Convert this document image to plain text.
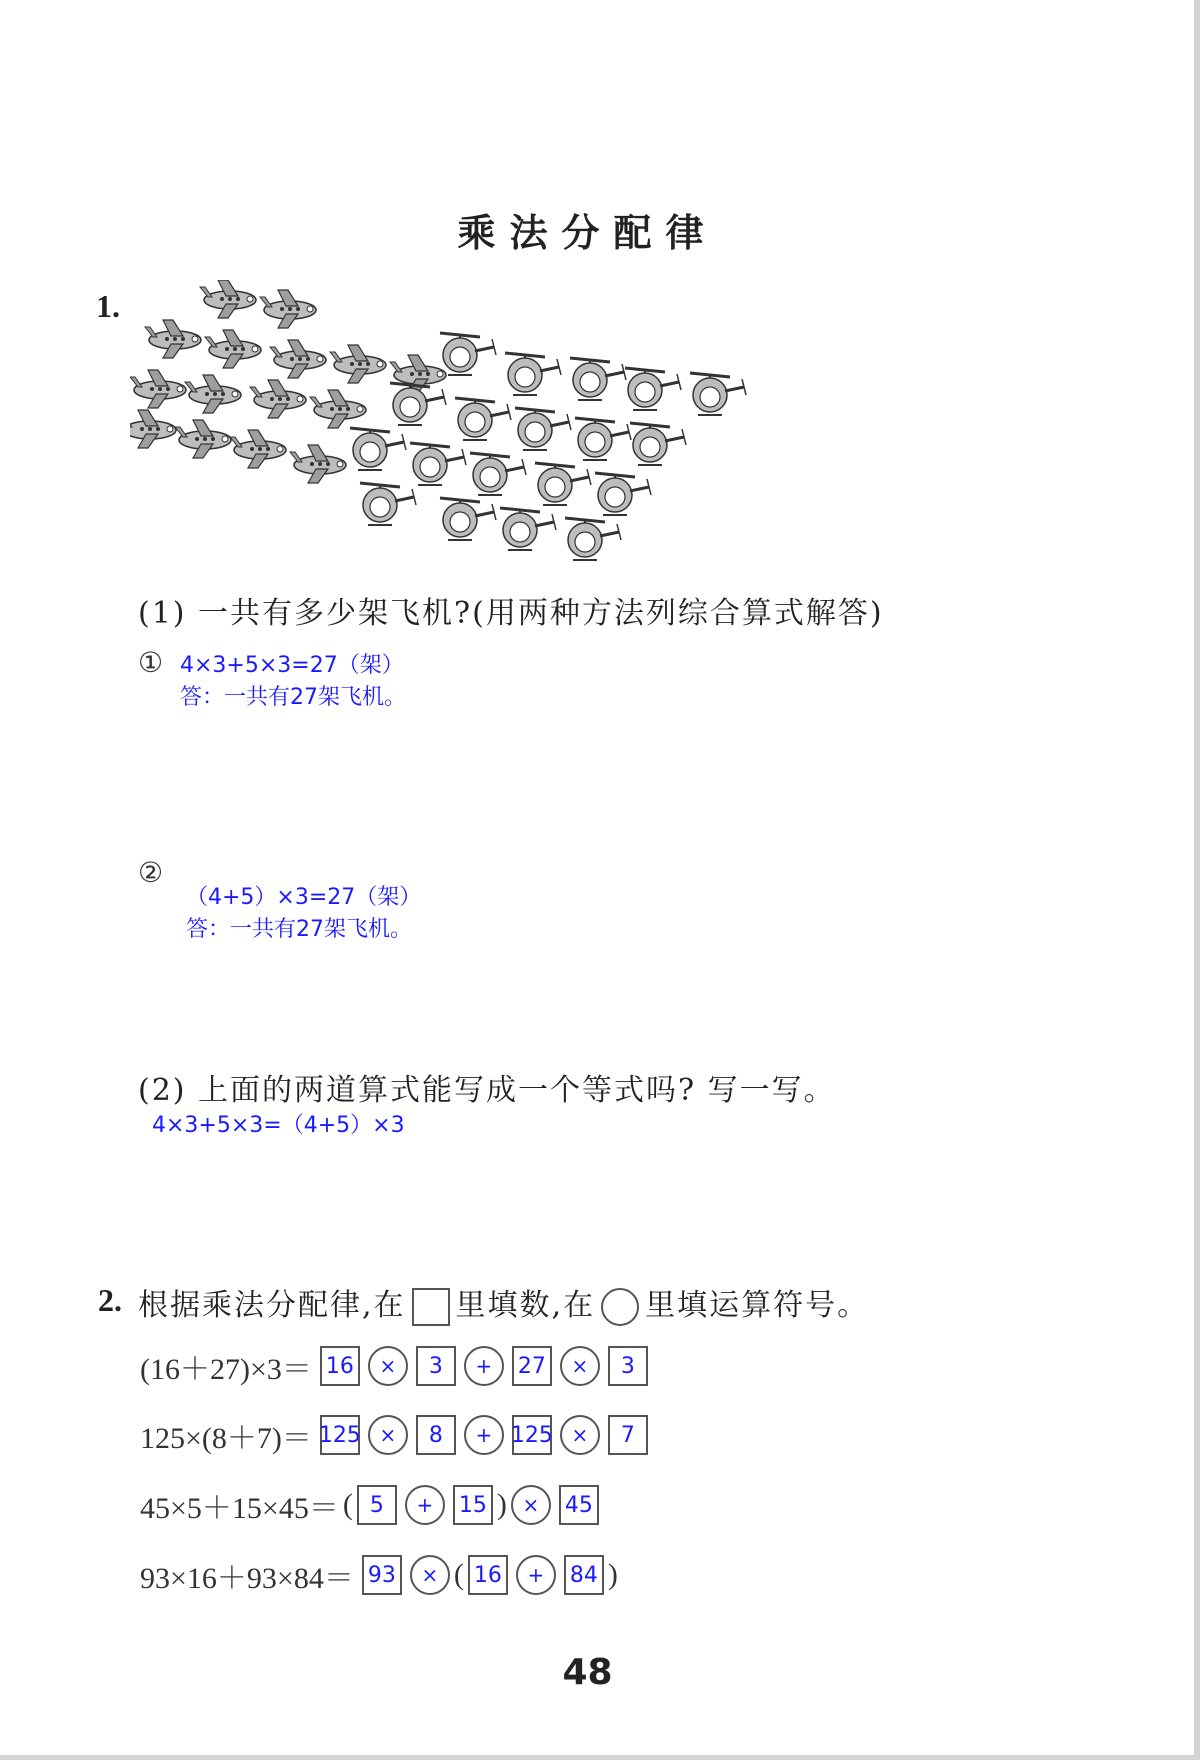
乘法分配律
1.
(1) 一共有多少架飞机?(用两种方法列综合算式解答)
① 4×3+5×3=27（架）
答：一共有27架飞机。
②
（4+5）×3=27（架）
答：一共有27架飞机。
(2) 上面的两道算式能写成一个等式吗? 写一写。
4×3+5×3=（4+5）×3
2. 根据乘法分配律,在 里填数,在 里填运算符号。
(16＋27)×3＝ 16	×	3	+	27	×	3
125×(8＋7)＝ 125 ×	8	+ 125 ×	7
45×5＋15×45＝ ( 5	+	15 ) ×	45
93×16＋93×84＝ 93	× ( 16	+	84 )
48
